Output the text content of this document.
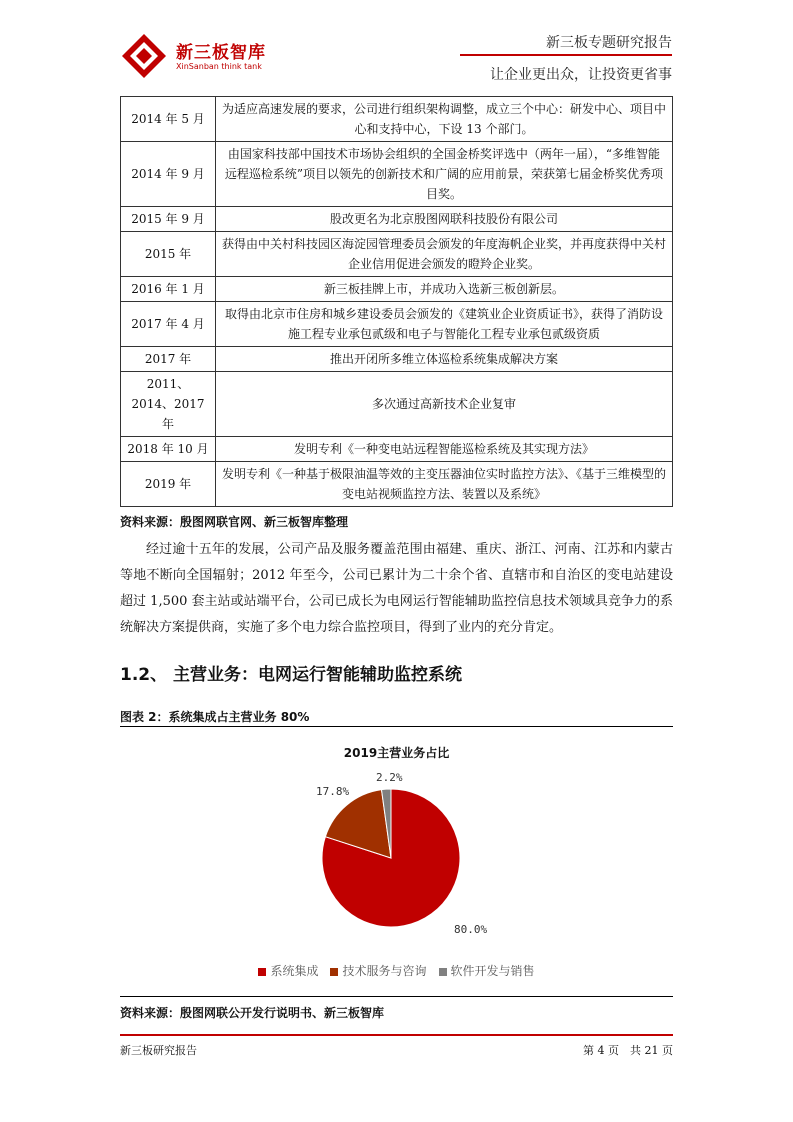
新三板智库
XinSanban think tank
新三板专题研究报告
让企业更出众，让投资更省事
2014 年 5 月	为适应高速发展的要求，公司进行组织架构调整，成立三个中心：研发中心、项目中心和支持中心，下设 13 个部门。
2014 年 9 月	由国家科技部中国技术市场协会组织的全国金桥奖评选中（两年一届），“多维智能远程巡检系统”项目以领先的创新技术和广阔的应用前景，荣获第七届金桥奖优秀项目奖。
2015 年 9 月	股改更名为北京殷图网联科技股份有限公司
2015 年	获得由中关村科技园区海淀园管理委员会颁发的年度海帆企业奖，并再度获得中关村企业信用促进会颁发的瞪羚企业奖。
2016 年 1 月	新三板挂牌上市，并成功入选新三板创新层。
2017 年 4 月	取得由北京市住房和城乡建设委员会颁发的《建筑业企业资质证书》，获得了消防设施工程专业承包贰级和电子与智能化工程专业承包贰级资质
2017 年	推出开闭所多维立体巡检系统集成解决方案
2011、2014、2017 年	多次通过高新技术企业复审
2018 年 10 月	发明专利《一种变电站远程智能巡检系统及其实现方法》
2019 年	发明专利《一种基于极限油温等效的主变压器油位实时监控方法》、《基于三维模型的变电站视频监控方法、装置以及系统》
资料来源：殷图网联官网、新三板智库整理

经过逾十五年的发展，公司产品及服务覆盖范围由福建、重庆、浙江、河南、江苏和内蒙古等地不断向全国辐射；2012 年至今，公司已累计为二十余个省、直辖市和自治区的变电站建设超过 1,500 套主站或站端平台，公司已成长为电网运行智能辅助监控信息技术领域具竞争力的系统解决方案提供商，实施了多个电力综合监控项目，得到了业内的充分肯定。

1.2、 主营业务：电网运行智能辅助监控系统
图表 2：系统集成占主营业务 80%
2019主营业务占比
80.0%
17.8%
2.2%
系统集成 技术服务与咨询 软件开发与销售
资料来源：殷图网联公开发行说明书、新三板智库
新三板研究报告	第 4 页　共 21 页
